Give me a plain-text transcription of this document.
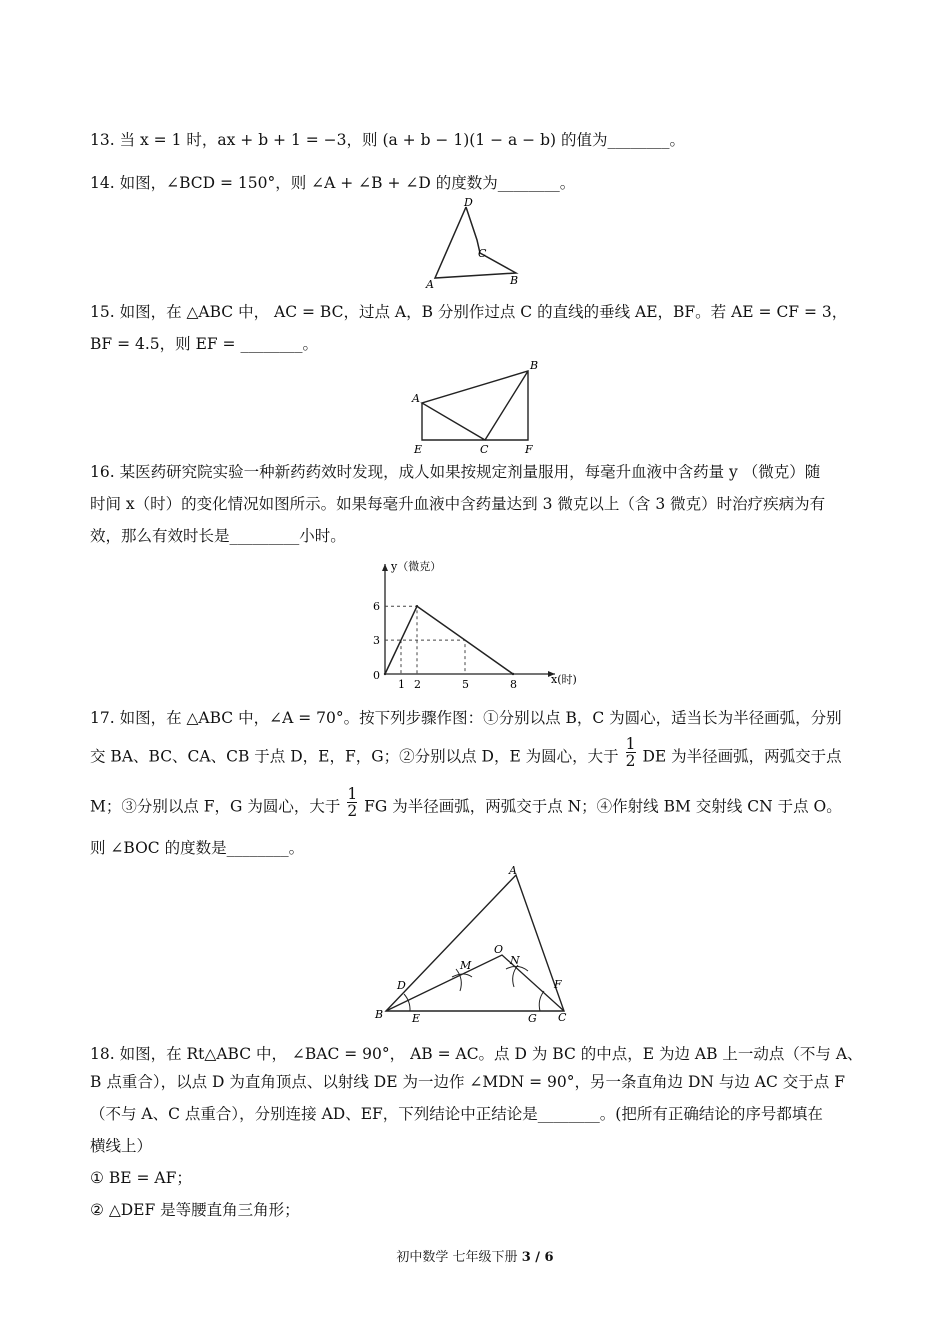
13. 当 x = 1 时，ax + b + 1 = −3，则 (a + b − 1)(1 − a − b) 的值为________。
14. 如图，∠BCD = 150°，则 ∠A + ∠B + ∠D 的度数为________。
D
A
C
B
15. 如图，在 △ABC 中， AC = BC，过点 A，B 分别作过点 C 的直线的垂线 AE，BF。若 AE = CF = 3，
BF = 4.5，则 EF = ________。
A
B
E	C	F
16. 某医药研究院实验一种新药药效时发现，成人如果按规定剂量服用，每毫升血液中含药量 y （微克）随
时间 x（时）的变化情况如图所示。如果每毫升血液中含药量达到 3 微克以上（含 3 微克）时治疗疾病为有
效，那么有效时长是_________小时。
0
1 2	5	8
3
6
x(时)
y（微克）
17. 如图，在 △ABC 中，∠A = 70°。按下列步骤作图：①分别以点 B，C 为圆心，适当长为半径画弧，分别
交 BA、BC、CA、CB 于点 D，E，F，G；②分别以点 D，E 为圆心，大于 $\frac{1}{2}$ DE 为半径画弧，两弧交于点
M；③分别以点 F，G 为圆心，大于 $\frac{1}{2}$ FG 为半径画弧，两弧交于点 N；④作射线 BM 交射线 CN 于点 O。
则 ∠BOC 的度数是________。
A
B	C
D
E
F
G
M	N
O
18. 如图，在 Rt△ABC 中， ∠BAC = 90°， AB = AC。点 D 为 BC 的中点，E 为边 AB 上一动点（不与 A、
B 点重合），以点 D 为直角顶点、以射线 DE 为一边作 ∠MDN = 90°，另一条直角边 DN 与边 AC 交于点 F
（不与 A、C 点重合），分别连接 AD、EF，下列结论中正结论是________。(把所有正确结论的序号都填在
横线上）
① BE = AF；
② △DEF 是等腰直角三角形；
初中数学 七年级下册 3 / 6
